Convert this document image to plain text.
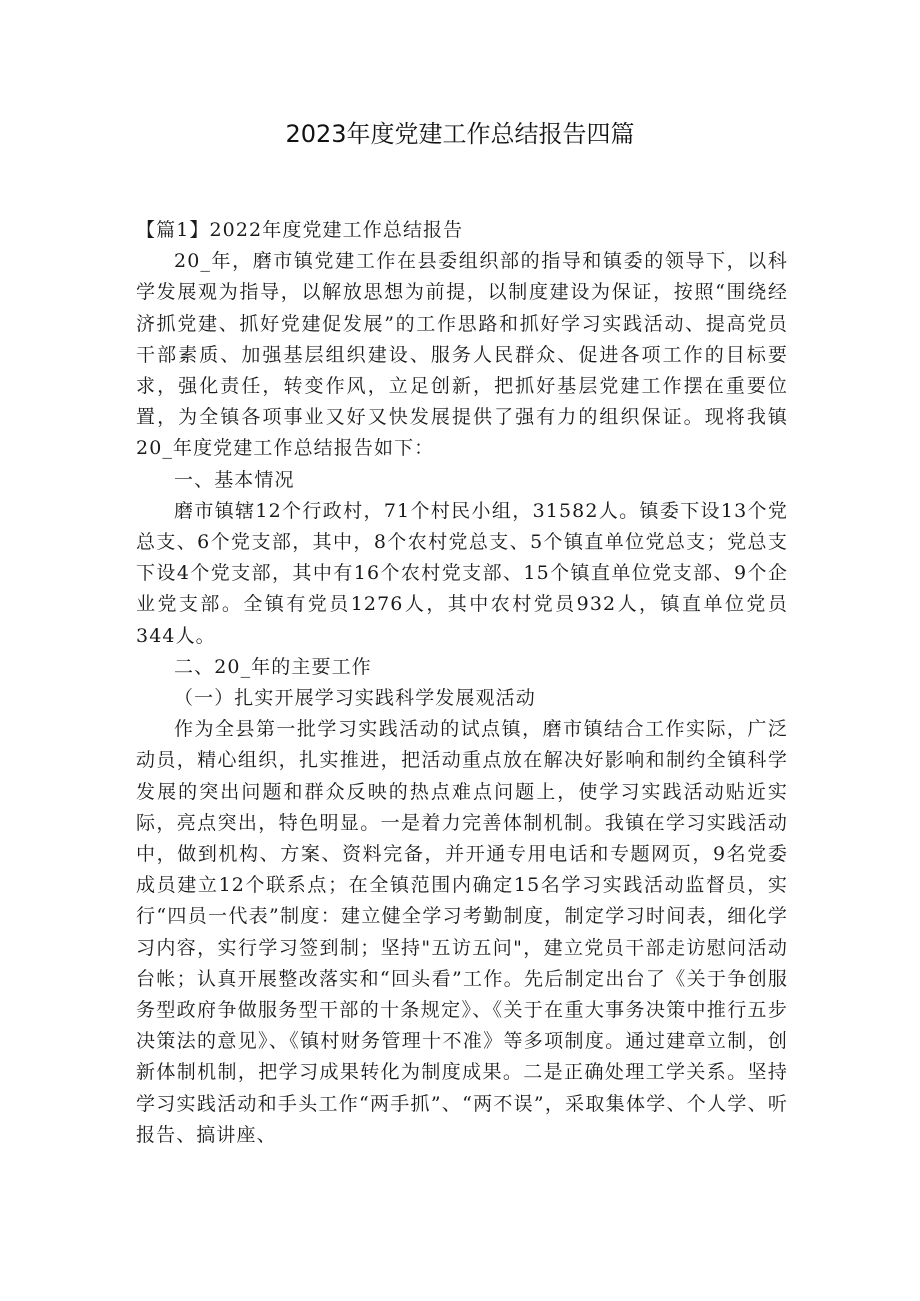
2023年度党建工作总结报告四篇

【篇1】2022年度党建工作总结报告

20_年，磨市镇党建工作在县委组织部的指导和镇委的领导下，以科学发展观为指导，以解放思想为前提，以制度建设为保证，按照“围绕经济抓党建、抓好党建促发展”的工作思路和抓好学习实践活动、提高党员干部素质、加强基层组织建设、服务人民群众、促进各项工作的目标要求，强化责任，转变作风，立足创新，把抓好基层党建工作摆在重要位置，为全镇各项事业又好又快发展提供了强有力的组织保证。现将我镇20_年度党建工作总结报告如下：

一、基本情况

磨市镇辖12个行政村，71个村民小组，31582人。镇委下设13个党总支、6个党支部，其中，8个农村党总支、5个镇直单位党总支；党总支下设4个党支部，其中有16个农村党支部、15个镇直单位党支部、9个企业党支部。全镇有党员1276人，其中农村党员932人，镇直单位党员344人。

二、20_年的主要工作

（一）扎实开展学习实践科学发展观活动

作为全县第一批学习实践活动的试点镇，磨市镇结合工作实际，广泛动员，精心组织，扎实推进，把活动重点放在解决好影响和制约全镇科学发展的突出问题和群众反映的热点难点问题上，使学习实践活动贴近实际，亮点突出，特色明显。一是着力完善体制机制。我镇在学习实践活动中，做到机构、方案、资料完备，并开通专用电话和专题网页，9名党委成员建立12个联系点；在全镇范围内确定15名学习实践活动监督员，实行“四员一代表”制度：建立健全学习考勤制度，制定学习时间表，细化学习内容，实行学习签到制；坚持"五访五问"，建立党员干部走访慰问活动台帐；认真开展整改落实和“回头看”工作。先后制定出台了《关于争创服务型政府争做服务型干部的十条规定》、《关于在重大事务决策中推行五步决策法的意见》、《镇村财务管理十不准》等多项制度。通过建章立制，创新体制机制，把学习成果转化为制度成果。二是正确处理工学关系。坚持学习实践活动和手头工作“两手抓”、“两不误”，采取集体学、个人学、听报告、搞讲座、
